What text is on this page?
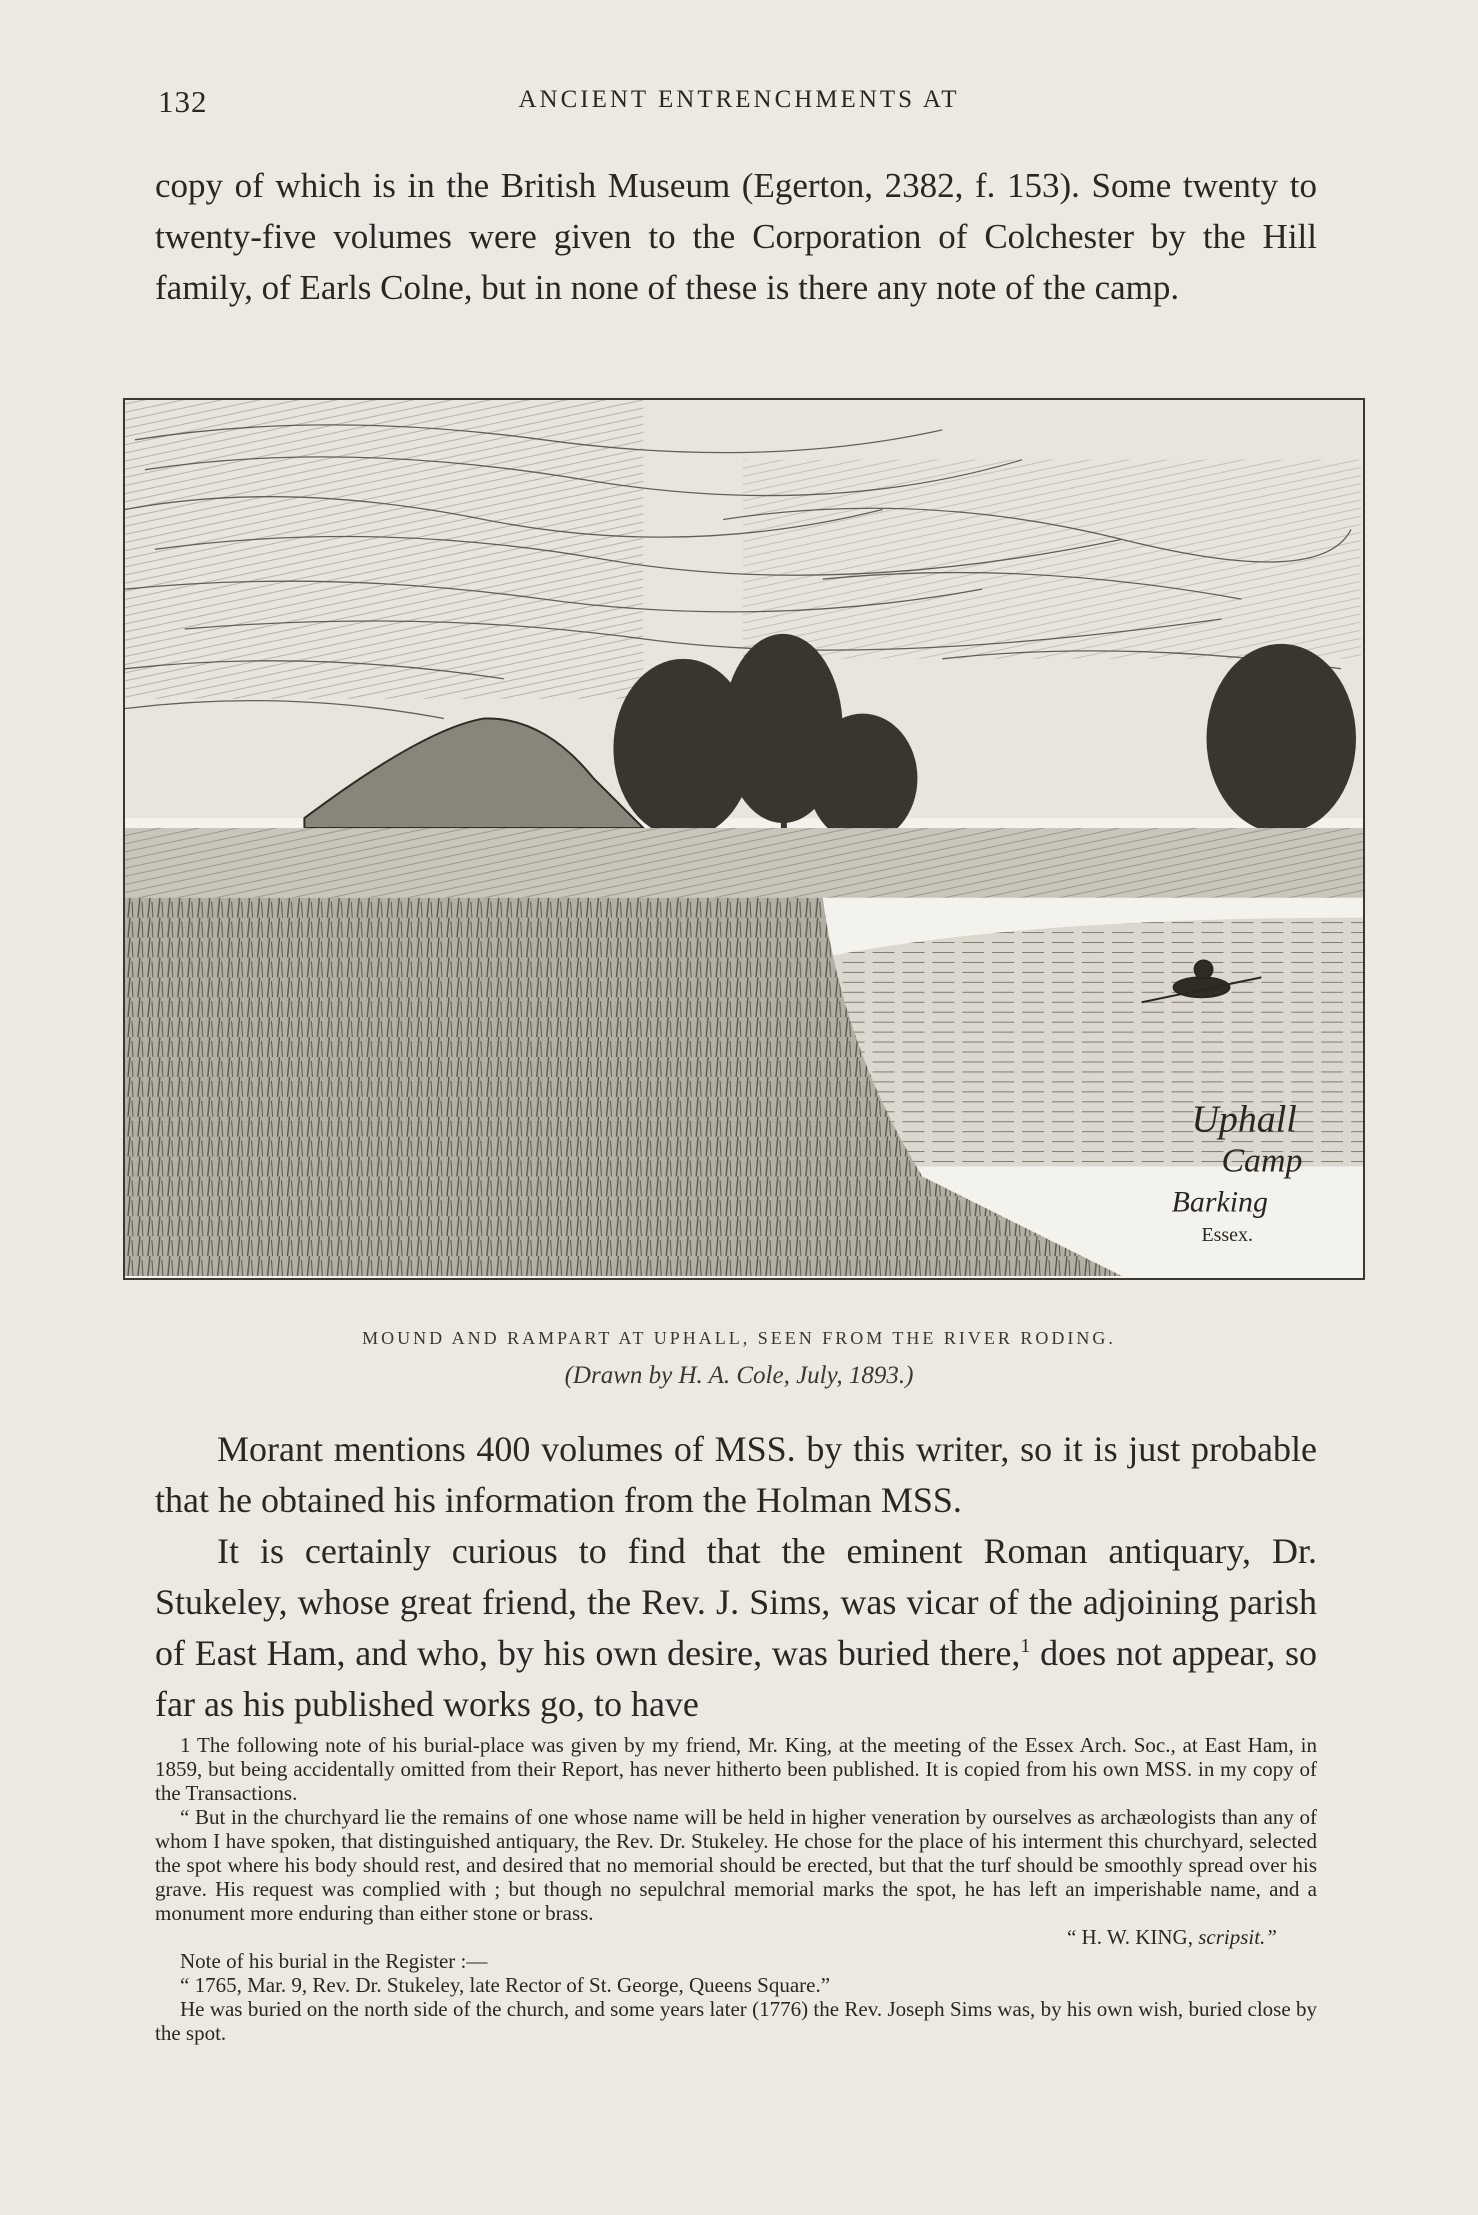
132	ANCIENT ENTRENCHMENTS AT

copy of which is in the British Museum (Egerton, 2382, f. 153). Some twenty to twenty-five volumes were given to the Corporation of Colchester by the Hill family, of Earls Colne, but in none of these is there any note of the camp.

Uphall
Camp
Barking
Essex.
MOUND AND RAMPART AT UPHALL, SEEN FROM THE RIVER RODING.
(Drawn by H. A. Cole, July, 1893.)

Morant mentions 400 volumes of MSS. by this writer, so it is just probable that he obtained his information from the Holman MSS.

It is certainly curious to find that the eminent Roman antiquary, Dr. Stukeley, whose great friend, the Rev. J. Sims, was vicar of the adjoining parish of East Ham, and who, by his own desire, was buried there,$^1$ does not appear, so far as his published works go, to have

1 The following note of his burial-place was given by my friend, Mr. King, at the meeting of the Essex Arch. Soc., at East Ham, in 1859, but being accidentally omitted from their Report, has never hitherto been published. It is copied from his own MSS. in my copy of the Transactions.

“ But in the churchyard lie the remains of one whose name will be held in higher veneration by ourselves as archæologists than any of whom I have spoken, that distinguished antiquary, the Rev. Dr. Stukeley. He chose for the place of his interment this churchyard, selected the spot where his body should rest, and desired that no memorial should be erected, but that the turf should be smoothly spread over his grave. His request was complied with ; but though no sepulchral memorial marks the spot, he has left an imperishable name, and a monument more enduring than either stone or brass.

“ H. W. KING, scripsit.”

Note of his burial in the Register :—

“ 1765, Mar. 9, Rev. Dr. Stukeley, late Rector of St. George, Queens Square.”

He was buried on the north side of the church, and some years later (1776) the Rev. Joseph Sims was, by his own wish, buried close by the spot.
